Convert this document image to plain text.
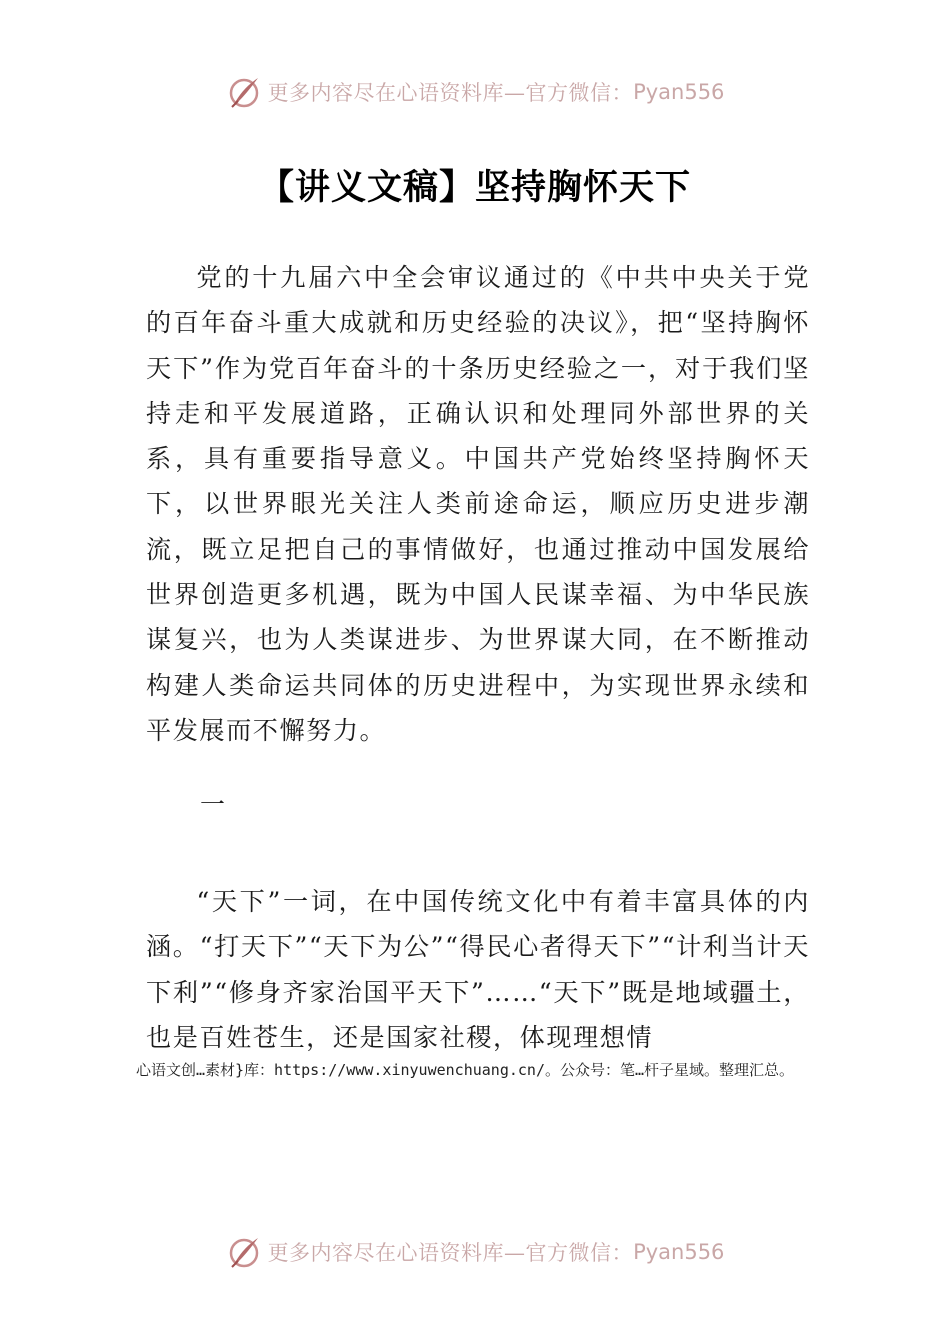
更多内容尽在心语资料库—官方微信： Pyan556
【讲义文稿】坚持胸怀天下

党的十九届六中全会审议通过的《中共中央关于党的百年奋斗重大成就和历史经验的决议》，把“坚持胸怀天下”作为党百年奋斗的十条历史经验之一，对于我们坚持走和平发展道路，正确认识和处理同外部世界的关系，具有重要指导意义。中国共产党始终坚持胸怀天下，以世界眼光关注人类前途命运，顺应历史进步潮流，既立足把自己的事情做好，也通过推动中国发展给世界创造更多机遇，既为中国人民谋幸福、为中华民族谋复兴，也为人类谋进步、为世界谋大同，在不断推动构建人类命运共同体的历史进程中，为实现世界永续和平发展而不懈努力。

一

“天下”一词，在中国传统文化中有着丰富具体的内涵。“打天下”“天下为公”“得民心者得天下”“计利当计天下利”“修身齐家治国平天下”……“天下”既是地域疆土，也是百姓苍生，还是国家社稷，体现理想情

心语文创…素材}库：https://www.xinyuwenchuang.cn/。公众号：笔…杆子星域。整理汇总。

更多内容尽在心语资料库—官方微信： Pyan556
